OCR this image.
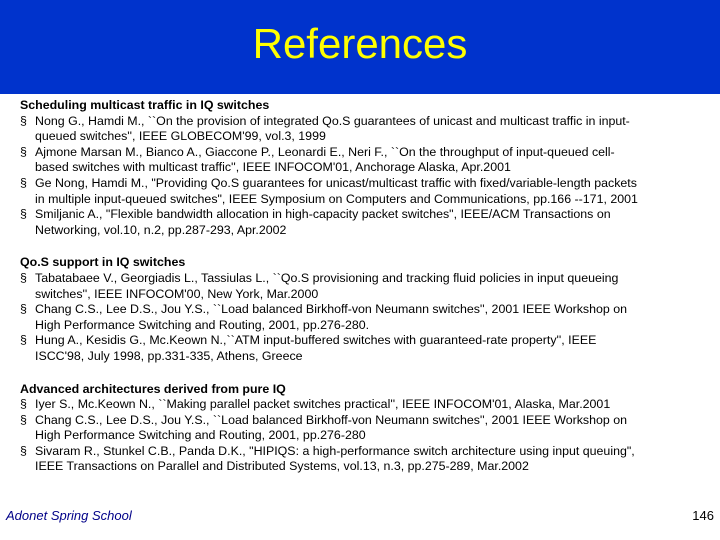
References
Scheduling multicast traffic in IQ switches
§ Nong G., Hamdi M., ``On the provision of integrated Qo.S guarantees of unicast and multicast traffic in input-
queued switches'', IEEE GLOBECOM'99, vol.3, 1999
§ Ajmone Marsan M., Bianco A., Giaccone P., Leonardi E., Neri F., ``On the throughput of input-queued cell-
based switches with multicast traffic'', IEEE INFOCOM'01, Anchorage Alaska, Apr.2001
§ Ge Nong, Hamdi M., "Providing Qo.S guarantees for unicast/multicast traffic with fixed/variable-length packets
in multiple input-queued switches", IEEE Symposium on Computers and Communications, pp.166 --171, 2001
§ Smiljanic A., "Flexible bandwidth allocation in high-capacity packet switches", IEEE/ACM Transactions on
Networking, vol.10, n.2, pp.287-293, Apr.2002
Qo.S support in IQ switches
§ Tabatabaee V., Georgiadis L., Tassiulas L., ``Qo.S provisioning and tracking fluid policies in input queueing
switches'', IEEE INFOCOM'00, New York, Mar.2000
§ Chang C.S., Lee D.S., Jou Y.S., ``Load balanced Birkhoff-von Neumann switches'', 2001 IEEE Workshop on
High Performance Switching and Routing, 2001, pp.276-280.
§ Hung A., Kesidis G., Mc.Keown N.,``ATM input-buffered switches with guaranteed-rate property'', IEEE
ISCC'98, July 1998, pp.331-335, Athens, Greece
Advanced architectures derived from pure IQ
§ Iyer S., Mc.Keown N., ``Making parallel packet switches practical'', IEEE INFOCOM'01, Alaska, Mar.2001
§ Chang C.S., Lee D.S., Jou Y.S., ``Load balanced Birkhoff-von Neumann switches'', 2001 IEEE Workshop on
High Performance Switching and Routing, 2001, pp.276-280
§ Sivaram R., Stunkel C.B., Panda D.K., "HIPIQS: a high-performance switch architecture using input queuing",
IEEE Transactions on Parallel and Distributed Systems, vol.13, n.3, pp.275-289, Mar.2002
Adonet Spring School	146
